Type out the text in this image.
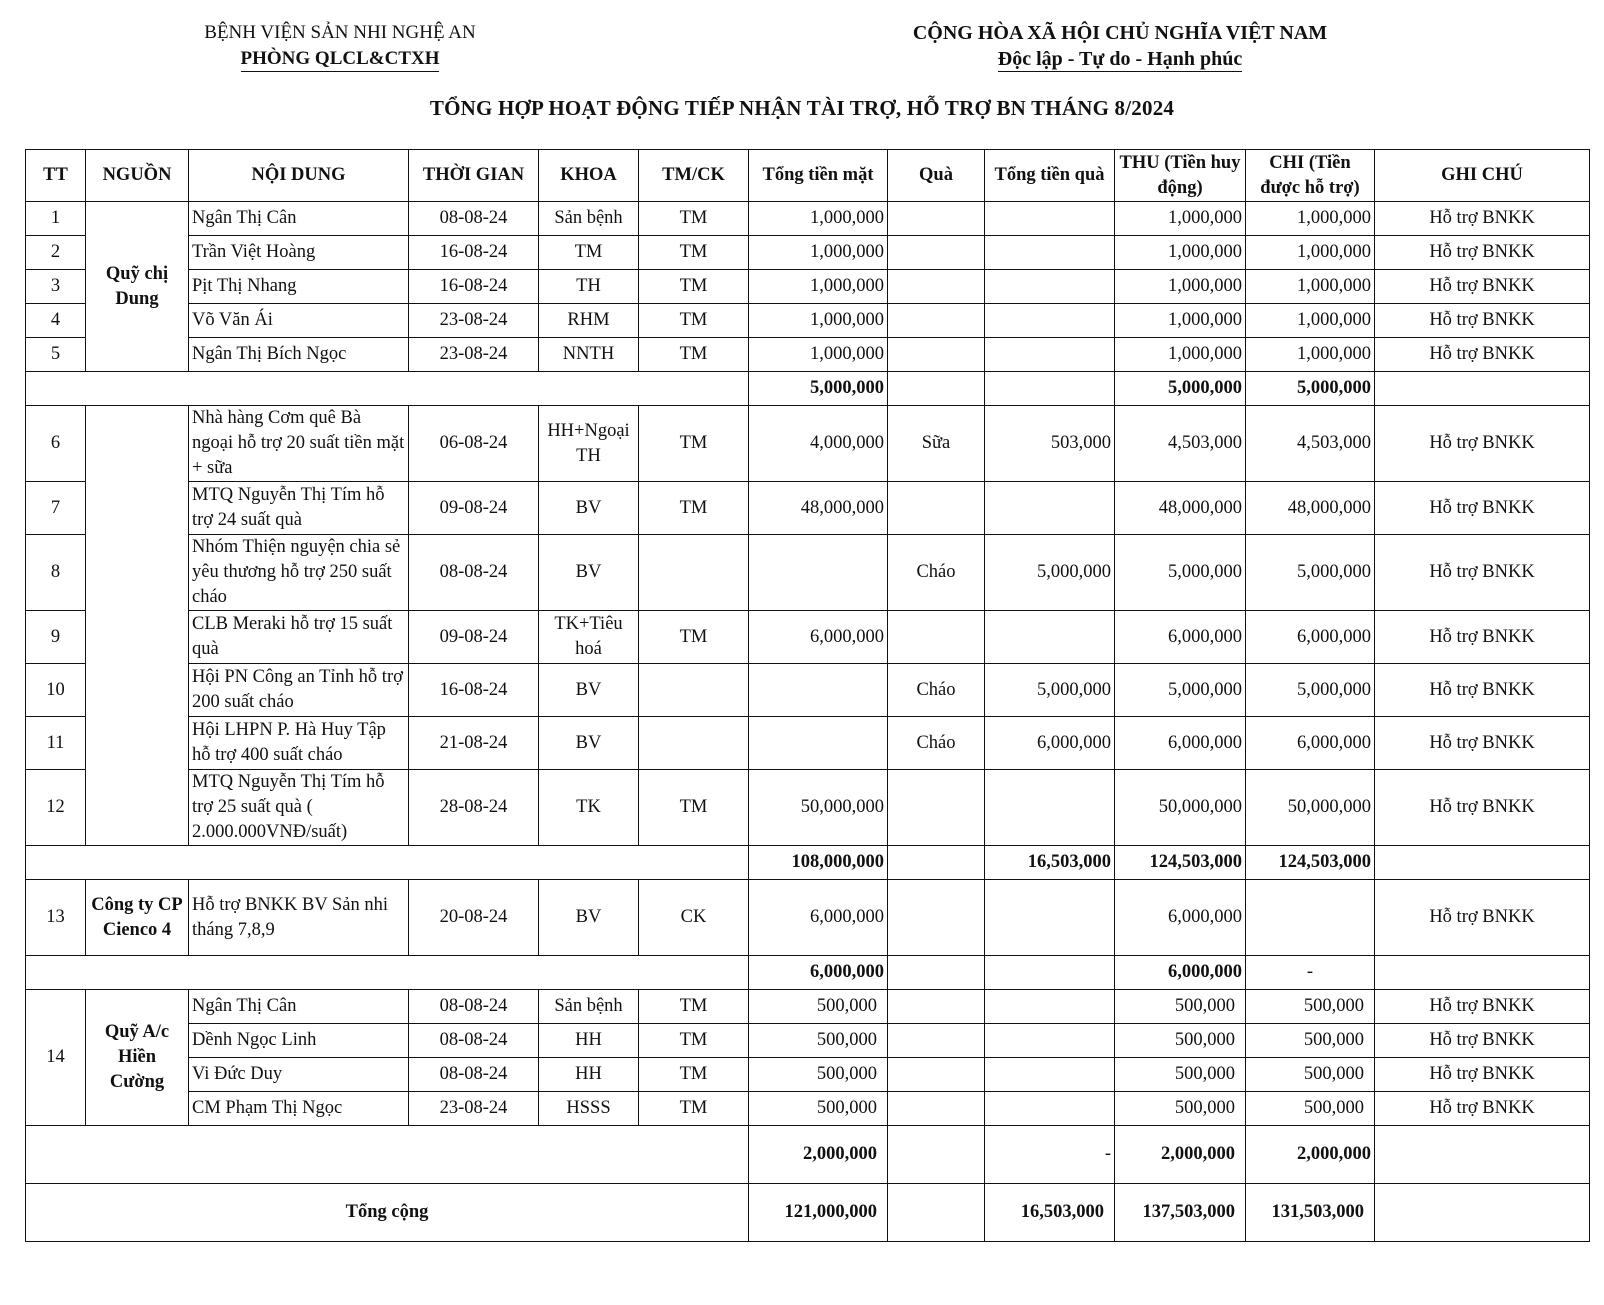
BỆNH VIỆN SẢN NHI NGHỆ AN
PHÒNG QLCL&CTXH
CỘNG HÒA XÃ HỘI CHỦ NGHĨA VIỆT NAM
Độc lập - Tự do - Hạnh phúc
TỔNG HỢP HOẠT ĐỘNG TIẾP NHẬN TÀI TRỢ, HỖ TRỢ BN THÁNG 8/2024
TT	NGUỒN	NỘI DUNG	THỜI GIAN	KHOA	TM/CK	Tổng tiền mặt	Quà	Tổng tiền quà	THU (Tiền huy động)	CHI (Tiền được hỗ trợ)	GHI CHÚ
1	Quỹ chị Dung	Ngân Thị Cân	08-08-24	Sản bệnh	TM	1,000,000			1,000,000	1,000,000	Hỗ trợ BNKK
2		Trần Việt Hoàng	16-08-24	TM	TM	1,000,000			1,000,000	1,000,000	Hỗ trợ BNKK
3		Pịt Thị Nhang	16-08-24	TH	TM	1,000,000			1,000,000	1,000,000	Hỗ trợ BNKK
4		Võ Văn Ái	23-08-24	RHM	TM	1,000,000			1,000,000	1,000,000	Hỗ trợ BNKK
5		Ngân Thị Bích Ngọc	23-08-24	NNTH	TM	1,000,000			1,000,000	1,000,000	Hỗ trợ BNKK
						5,000,000			5,000,000	5,000,000	
6		Nhà hàng Cơm quê Bà ngoại hỗ trợ 20 suất tiền mặt + sữa	06-08-24	HH+Ngoại TH	TM	4,000,000	Sữa	503,000	4,503,000	4,503,000	Hỗ trợ BNKK
7		MTQ Nguyễn Thị Tím hỗ trợ 24 suất quà	09-08-24	BV	TM	48,000,000			48,000,000	48,000,000	Hỗ trợ BNKK
8		Nhóm Thiện nguyện chia sẻ yêu thương hỗ trợ 250 suất cháo	08-08-24	BV			Cháo	5,000,000	5,000,000	5,000,000	Hỗ trợ BNKK
9		CLB Meraki hỗ trợ 15 suất quà	09-08-24	TK+Tiêu hoá	TM	6,000,000			6,000,000	6,000,000	Hỗ trợ BNKK
10		Hội PN Công an Tỉnh hỗ trợ 200 suất cháo	16-08-24	BV			Cháo	5,000,000	5,000,000	5,000,000	Hỗ trợ BNKK
11		Hội LHPN P. Hà Huy Tập hỗ trợ 400 suất cháo	21-08-24	BV			Cháo	6,000,000	6,000,000	6,000,000	Hỗ trợ BNKK
12		MTQ Nguyễn Thị Tím hỗ trợ 25 suất quà ( 2.000.000VNĐ/suất)	28-08-24	TK	TM	50,000,000			50,000,000	50,000,000	Hỗ trợ BNKK
						108,000,000		16,503,000	124,503,000	124,503,000	
13	Công ty CP Cienco 4	Hỗ trợ BNKK BV Sản nhi tháng 7,8,9	20-08-24	BV	CK	6,000,000			6,000,000		Hỗ trợ BNKK
						6,000,000			6,000,000	-	
14	Quỹ A/c Hiền Cường	Ngân Thị Cân	08-08-24	Sản bệnh	TM	500,000			500,000	500,000	Hỗ trợ BNKK
		Dềnh Ngọc Linh	08-08-24	HH	TM	500,000			500,000	500,000	Hỗ trợ BNKK
		Vi Đức Duy	08-08-24	HH	TM	500,000			500,000	500,000	Hỗ trợ BNKK
		CM Phạm Thị Ngọc	23-08-24	HSSS	TM	500,000			500,000	500,000	Hỗ trợ BNKK
						2,000,000		-	2,000,000	2,000,000	
Tổng cộng						121,000,000		16,503,000	137,503,000	131,503,000	
